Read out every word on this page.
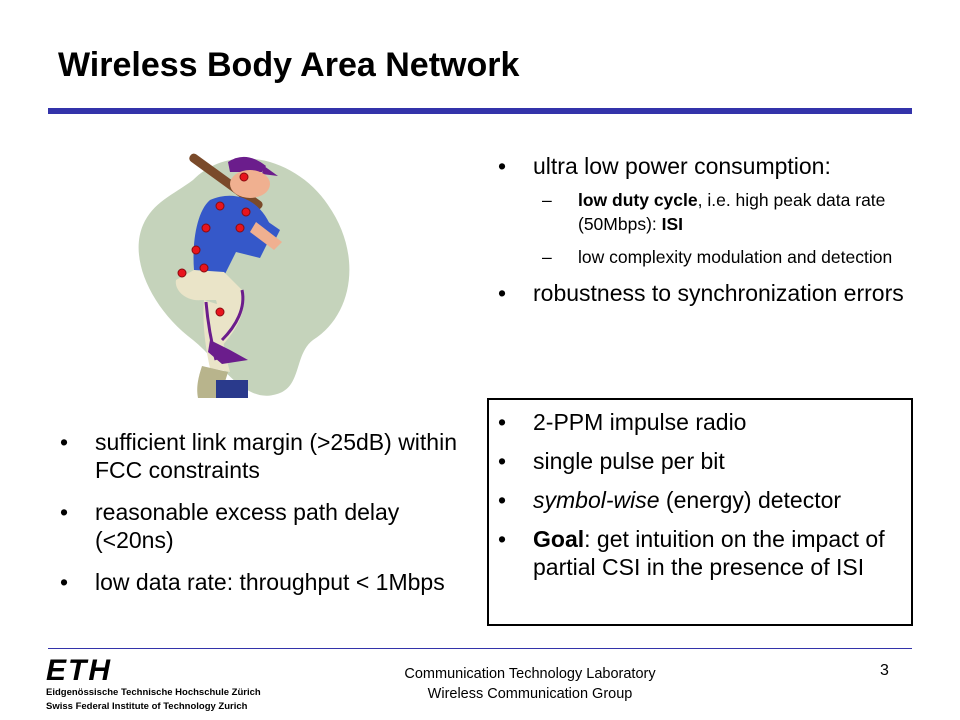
Wireless Body Area Network
• ultra low power consumption:
– low duty cycle, i.e. high peak data rate (50Mbps): ISI
– low complexity modulation and detection
• robustness to synchronization errors
• sufficient link margin (>25dB) within FCC constraints
• reasonable excess path delay (<20ns)
• low data rate: throughput < 1Mbps
• 2-PPM impulse radio
• single pulse per bit
• symbol-wise (energy) detector
• Goal: get intuition on the impact of partial CSI in the presence of ISI
ETH
Eidgenössische Technische Hochschule Zürich
Swiss Federal Institute of Technology Zurich
Communication Technology Laboratory
Wireless Communication Group
3
